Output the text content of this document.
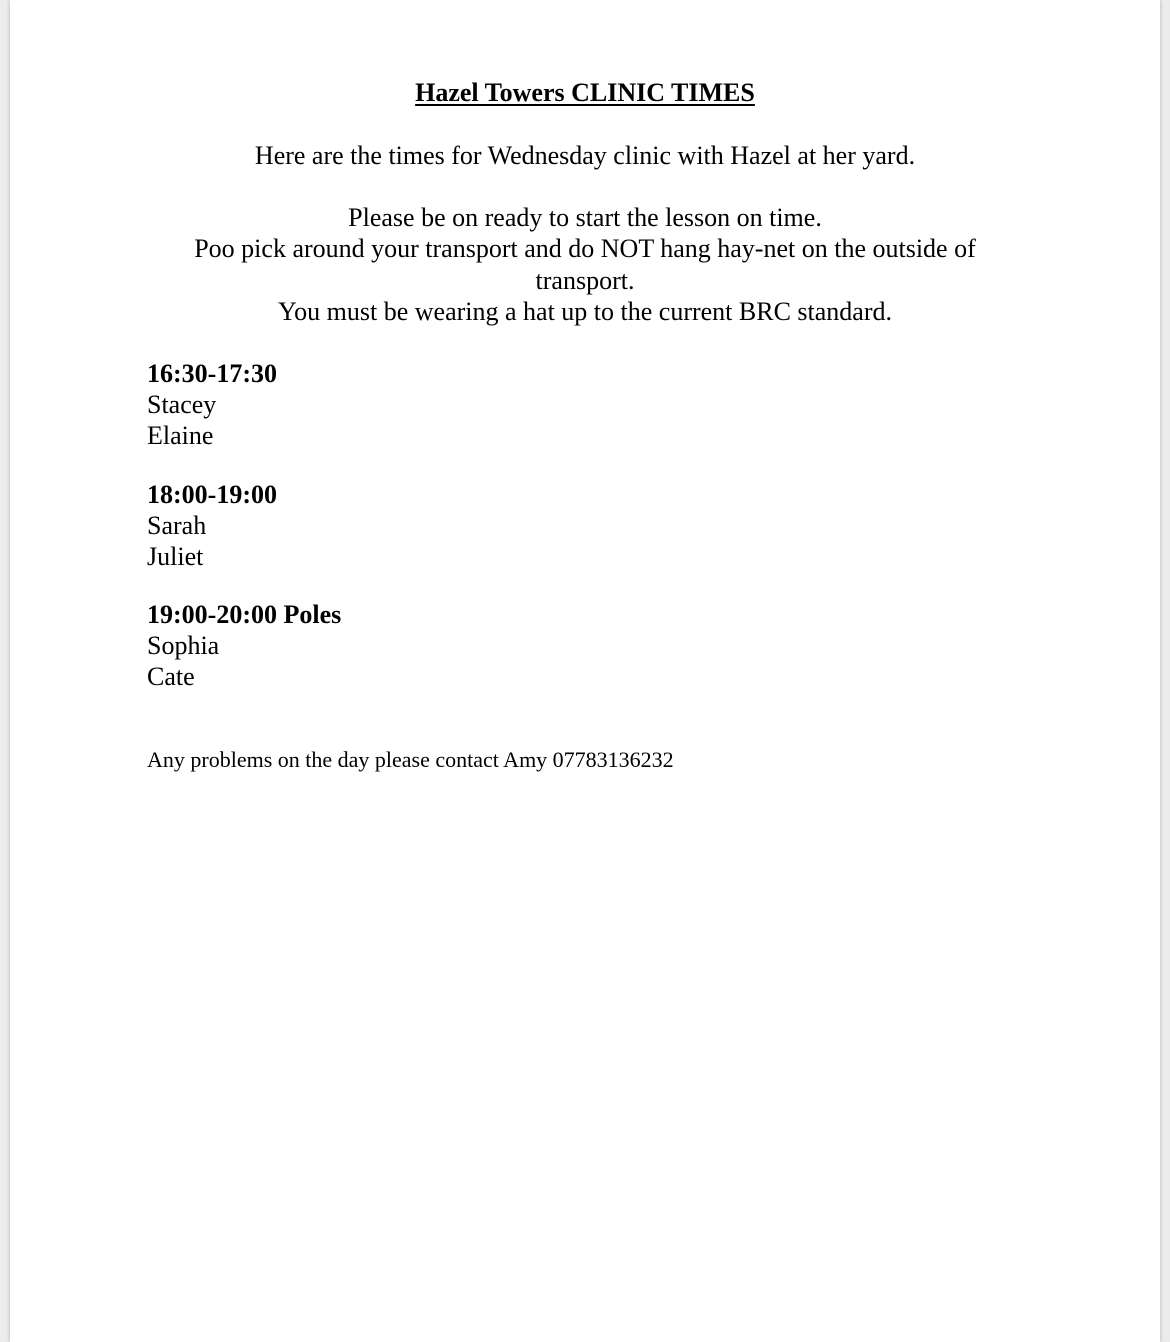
Hazel Towers CLINIC TIMES
Here are the times for Wednesday clinic with Hazel at her yard.
Please be on ready to start the lesson on time.
Poo pick around your transport and do NOT hang hay-net on the outside of transport.
You must be wearing a hat up to the current BRC standard.
16:30-17:30
Stacey
Elaine
18:00-19:00
Sarah
Juliet
19:00-20:00 Poles
Sophia
Cate
Any problems on the day please contact Amy 07783136232
